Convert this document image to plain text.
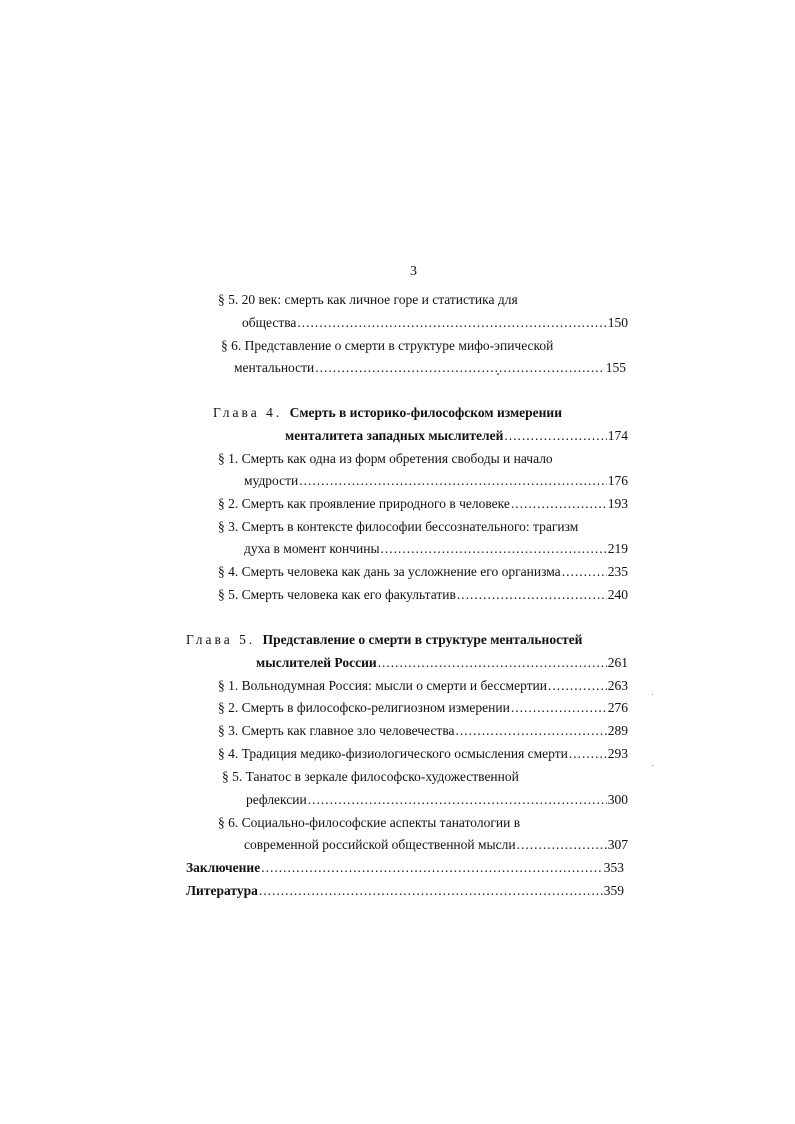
3
§ 5. 20 век: смерть как личное горе и статистика для
общества .....	150
§ 6. Представление о смерти в структуре мифо-эпической
ментальности .....	155
Глава 4. Смерть в историко-философском измерении
менталитета западных мыслителей .....	174
§ 1. Смерть как одна из форм обретения свободы и начало
мудрости .....	176
§ 2. Смерть как проявление природного в человеке .....	193
§ 3. Смерть в контексте философии бессознательного: трагизм
духа в момент кончины .....	219
§ 4. Смерть человека как дань за усложнение его организма .....	235
§ 5. Смерть человека как его факультатив .....	240
Глава 5. Представление о смерти в структуре ментальностей
мыслителей России .....	261
§ 1. Вольнодумная Россия: мысли о смерти и бессмертии .....	263
§ 2. Смерть в философско-религиозном измерении .....	276
§ 3. Смерть как главное зло человечества .....	289
§ 4. Традиция медико-физиологического осмысления смерти .....	293
§ 5. Танатос в зеркале философско-художественной
рефлексии .....	300
§ 6. Социально-философские аспекты танатологии в
современной российской общественной мысли .....	307
Заключение .....	353
Литература .....	359
